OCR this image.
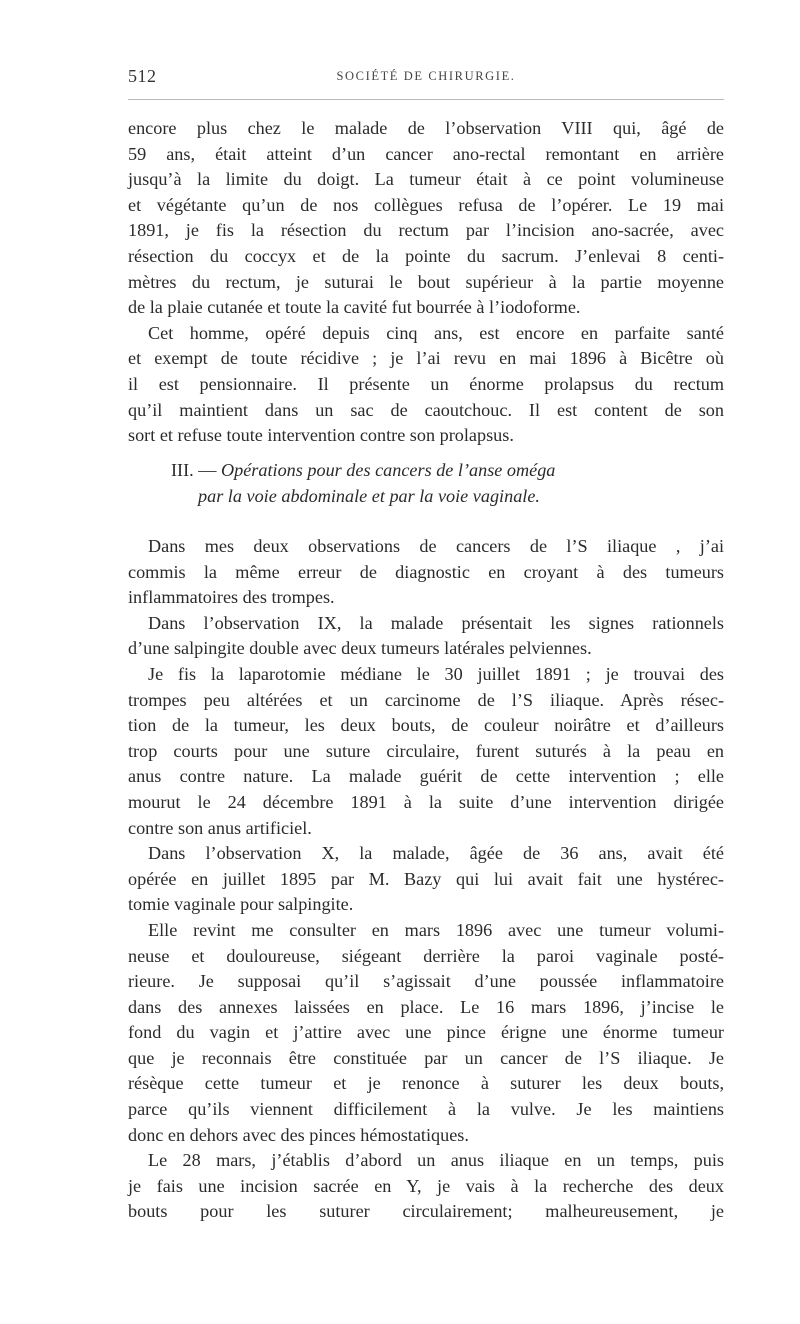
512	SOCIÉTÉ DE CHIRURGIE.

encore plus chez le malade de l’observation VIII qui, âgé de
59 ans, était atteint d’un cancer ano-rectal remontant en arrière
jusqu’à la limite du doigt. La tumeur était à ce point volumineuse
et végétante qu’un de nos collègues refusa de l’opérer. Le 19 mai
1891, je fis la résection du rectum par l’incision ano-sacrée, avec
résection du coccyx et de la pointe du sacrum. J’enlevai 8 centi-
mètres du rectum, je suturai le bout supérieur à la partie moyenne
de la plaie cutanée et toute la cavité fut bourrée à l’iodoforme.

Cet homme, opéré depuis cinq ans, est encore en parfaite santé
et exempt de toute récidive ; je l’ai revu en mai 1896 à Bicêtre où
il est pensionnaire. Il présente un énorme prolapsus du rectum
qu’il maintient dans un sac de caoutchouc. Il est content de son
sort et refuse toute intervention contre son prolapsus.

III. — Opérations pour des cancers de l’anse oméga
par la voie abdominale et par la voie vaginale.

Dans mes deux observations de cancers de l’S iliaque , j’ai
commis la même erreur de diagnostic en croyant à des tumeurs
inflammatoires des trompes.

Dans l’observation IX, la malade présentait les signes rationnels
d’une salpingite double avec deux tumeurs latérales pelviennes.

Je fis la laparotomie médiane le 30 juillet 1891 ; je trouvai des
trompes peu altérées et un carcinome de l’S iliaque. Après résec-
tion de la tumeur, les deux bouts, de couleur noirâtre et d’ailleurs
trop courts pour une suture circulaire, furent suturés à la peau en
anus contre nature. La malade guérit de cette intervention ; elle
mourut le 24 décembre 1891 à la suite d’une intervention dirigée
contre son anus artificiel.

Dans l’observation X, la malade, âgée de 36 ans, avait été
opérée en juillet 1895 par M. Bazy qui lui avait fait une hystérec-
tomie vaginale pour salpingite.

Elle revint me consulter en mars 1896 avec une tumeur volumi-
neuse et douloureuse, siégeant derrière la paroi vaginale posté-
rieure. Je supposai qu’il s’agissait d’une poussée inflammatoire
dans des annexes laissées en place. Le 16 mars 1896, j’incise le
fond du vagin et j’attire avec une pince érigne une énorme tumeur
que je reconnais être constituée par un cancer de l’S iliaque. Je
résèque cette tumeur et je renonce à suturer les deux bouts,
parce qu’ils viennent difficilement à la vulve. Je les maintiens
donc en dehors avec des pinces hémostatiques.

Le 28 mars, j’établis d’abord un anus iliaque en un temps, puis
je fais une incision sacrée en Y, je vais à la recherche des deux
bouts pour les suturer circulairement; malheureusement, je
